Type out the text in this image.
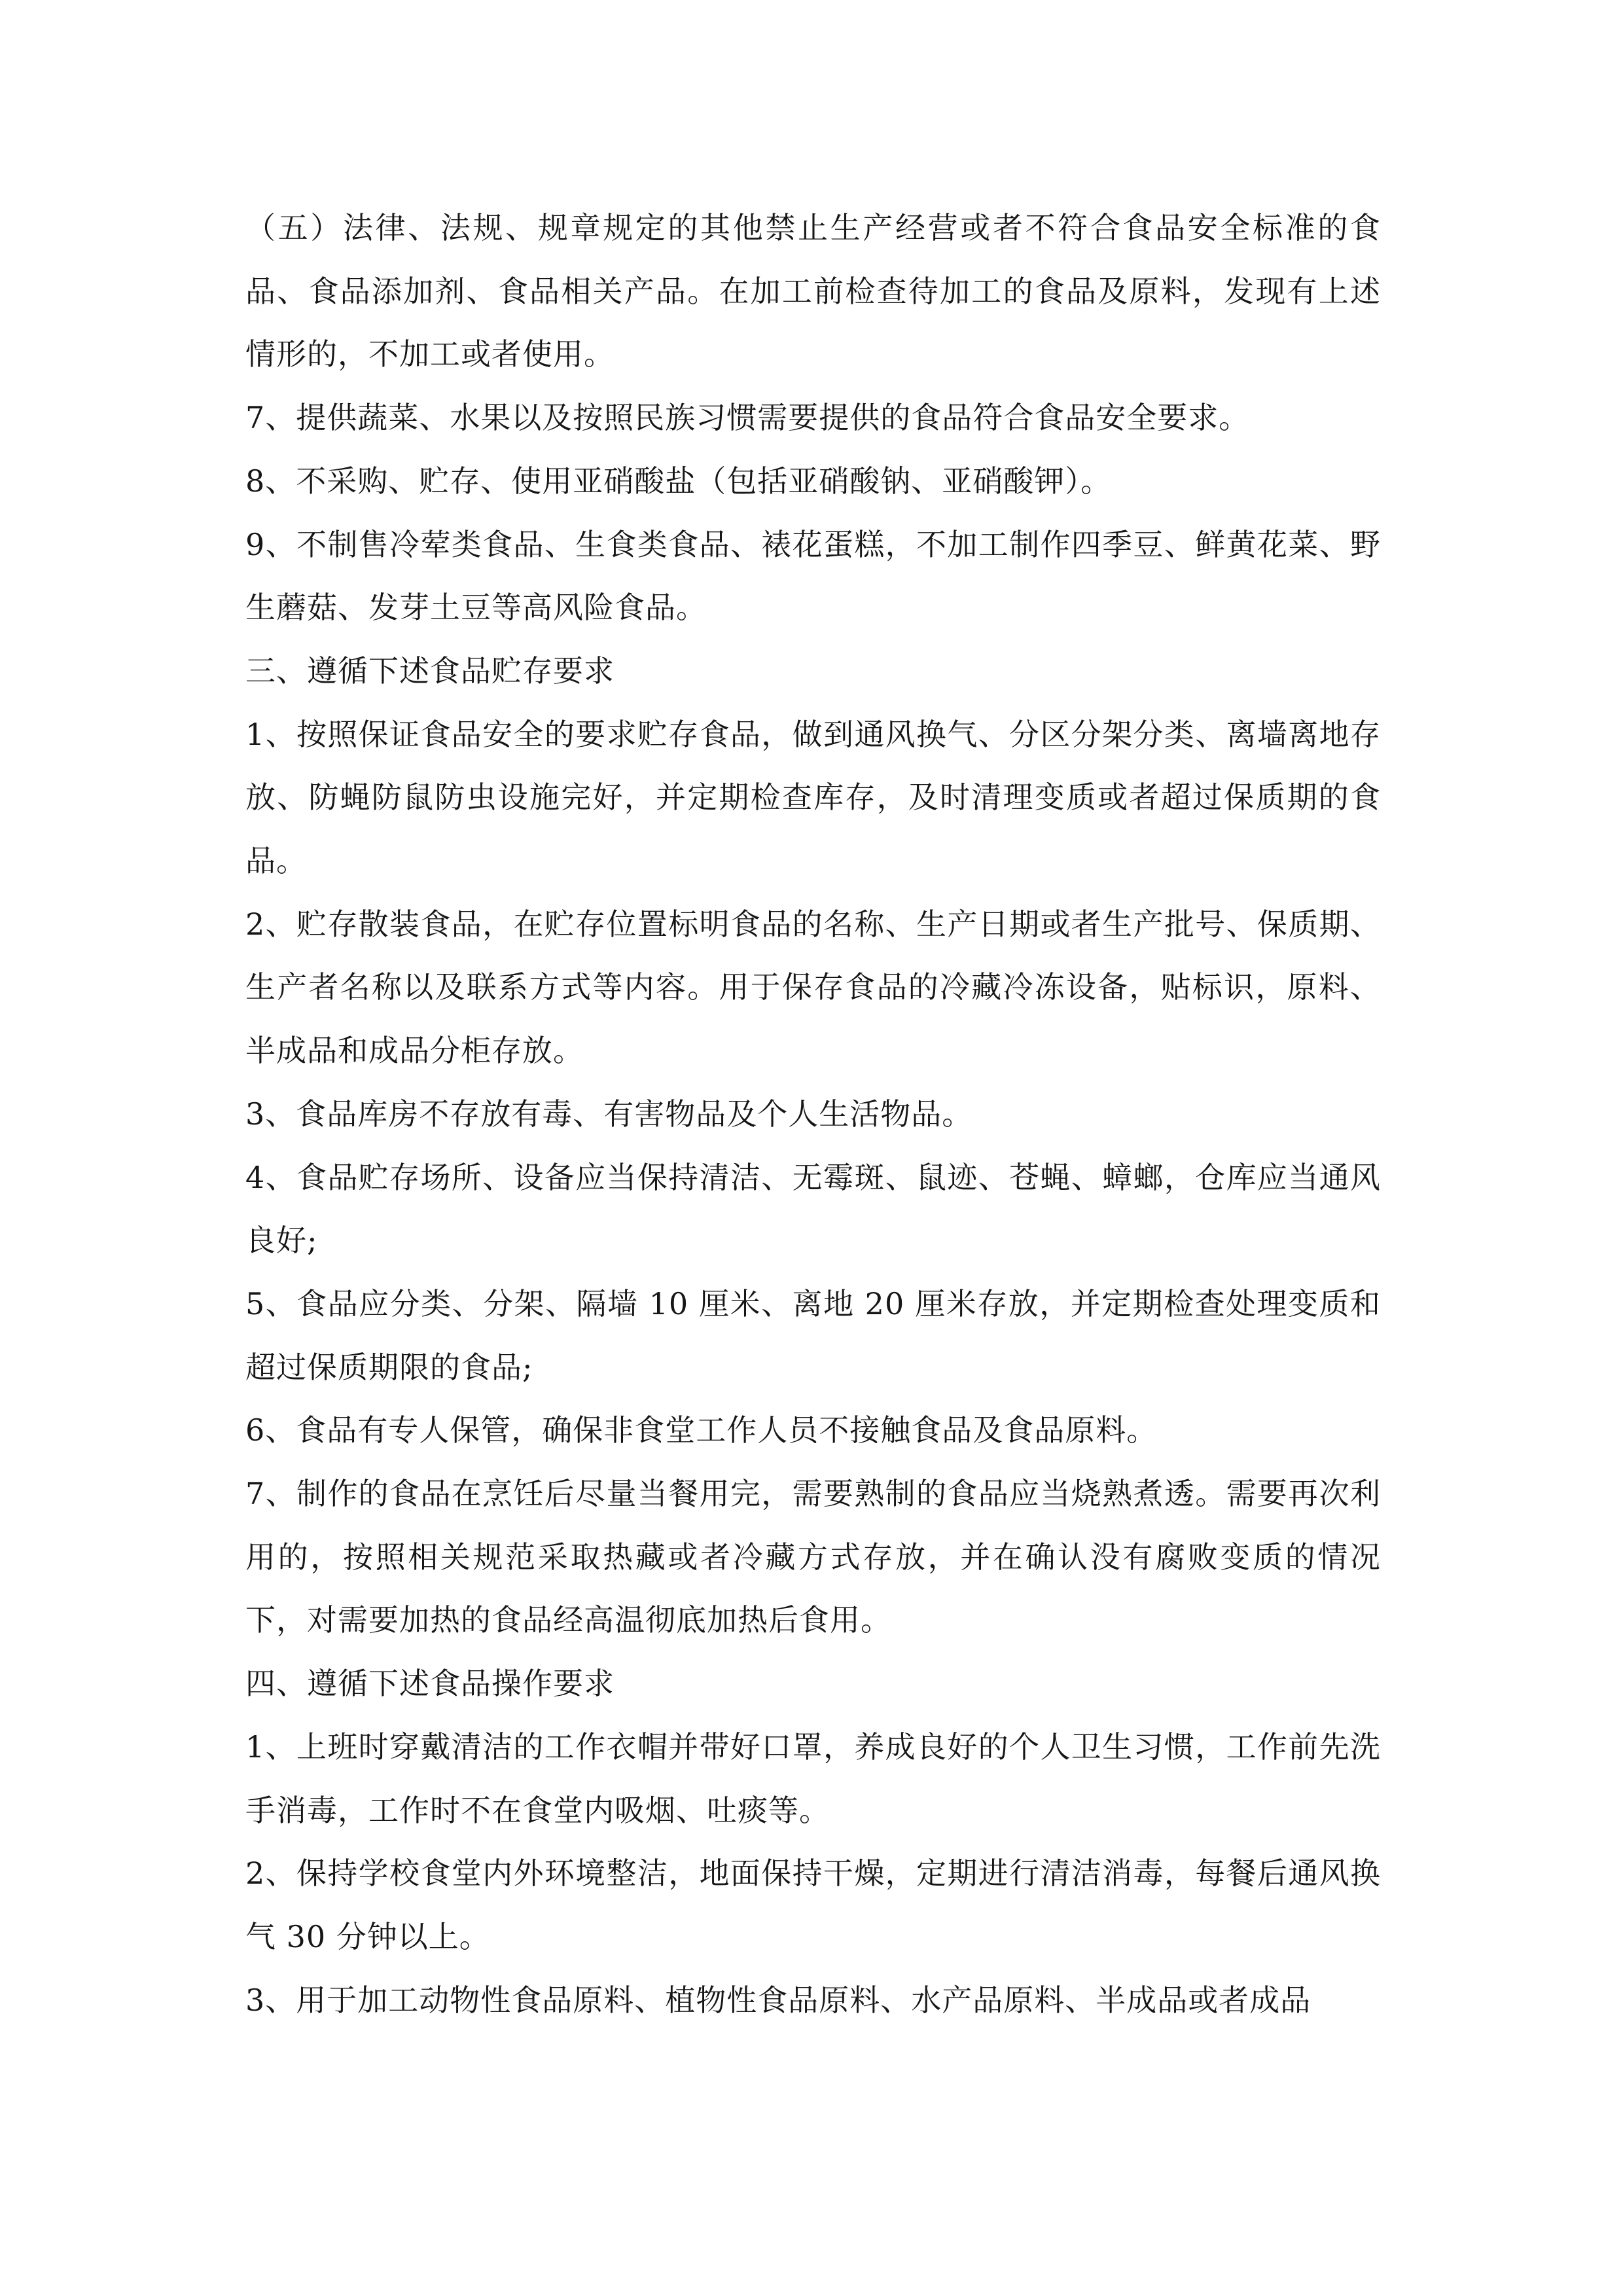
（五）法律、法规、规章规定的其他禁止生产经营或者不符合食品安全标准的食品、食品添加剂、食品相关产品。在加工前检查待加工的食品及原料，发现有上述情形的，不加工或者使用。

7、提供蔬菜、水果以及按照民族习惯需要提供的食品符合食品安全要求。

8、不采购、贮存、使用亚硝酸盐（包括亚硝酸钠、亚硝酸钾）。

9、不制售冷荤类食品、生食类食品、裱花蛋糕，不加工制作四季豆、鲜黄花菜、野生蘑菇、发芽土豆等高风险食品。

三、遵循下述食品贮存要求

1、按照保证食品安全的要求贮存食品，做到通风换气、分区分架分类、离墙离地存放、防蝇防鼠防虫设施完好，并定期检查库存，及时清理变质或者超过保质期的食品。

2、贮存散装食品，在贮存位置标明食品的名称、生产日期或者生产批号、保质期、生产者名称以及联系方式等内容。用于保存食品的冷藏冷冻设备，贴标识，原料、半成品和成品分柜存放。

3、食品库房不存放有毒、有害物品及个人生活物品。

4、食品贮存场所、设备应当保持清洁、无霉斑、鼠迹、苍蝇、蟑螂，仓库应当通风良好;

5、食品应分类、分架、隔墙 10 厘米、离地 20 厘米存放，并定期检查处理变质和超过保质期限的食品;

6、食品有专人保管，确保非食堂工作人员不接触食品及食品原料。

7、制作的食品在烹饪后尽量当餐用完，需要熟制的食品应当烧熟煮透。需要再次利用的，按照相关规范采取热藏或者冷藏方式存放，并在确认没有腐败变质的情况下，对需要加热的食品经高温彻底加热后食用。

四、遵循下述食品操作要求

1、上班时穿戴清洁的工作衣帽并带好口罩，养成良好的个人卫生习惯，工作前先洗手消毒，工作时不在食堂内吸烟、吐痰等。

2、保持学校食堂内外环境整洁，地面保持干燥，定期进行清洁消毒，每餐后通风换气 30 分钟以上。

3、用于加工动物性食品原料、植物性食品原料、水产品原料、半成品或者成品
